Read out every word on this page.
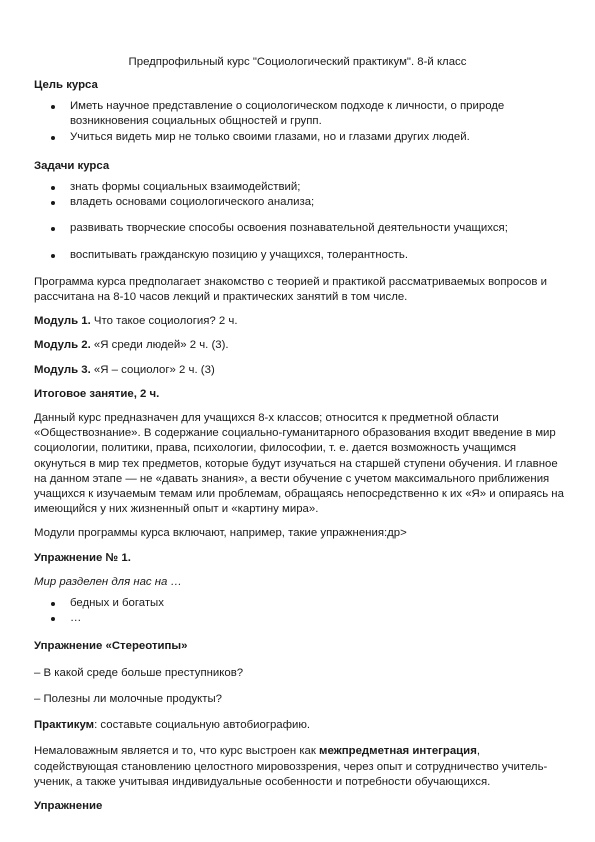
Предпрофильный курс "Социологический практикум". 8-й класс

Цель курса

Иметь научное представление о социологическом подходе к личности, о природе возникновения социальных общностей и групп.
Учиться видеть мир не только своими глазами, но и глазами других людей.

Задачи курса

знать формы социальных взаимодействий;
владеть основами социологического анализа;
развивать творческие способы освоения познавательной деятельности учащихся;
воспитывать гражданскую позицию у учащихся, толерантность.

Программа курса предполагает знакомство с теорией и практикой рассматриваемых вопросов и рассчитана на 8-10 часов лекций и практических занятий в том числе.

Модуль 1. Что такое социология? 2 ч.

Модуль 2. «Я среди людей» 2 ч. (3).

Модуль 3. «Я – социолог» 2 ч. (3)

Итоговое занятие, 2 ч.

Данный курс предназначен для учащихся 8-х классов; относится к предметной области «Обществознание». В содержание социально-гуманитарного образования входит введение в мир социологии, политики, права, психологии, философии, т. е. дается возможность учащимся окунуться в мир тех предметов, которые будут изучаться на старшей ступени обучения. И главное на данном этапе — не «давать знания», а вести обучение с учетом максимального приближения учащихся к изучаемым темам или проблемам, обращаясь непосредственно к их «Я» и опираясь на имеющийся у них жизненный опыт и «картину мира».

Модули программы курса включают, например, такие упражнения:др>

Упражнение № 1.

Мир разделен для нас на …

бедных и богатых
…

Упражнение «Стереотипы»

– В какой среде больше преступников?

– Полезны ли молочные продукты?

Практикум: составьте социальную автобиографию.

Немаловажным является и то, что курс выстроен как межпредметная интеграция, содействующая становлению целостного мировоззрения, через опыт и сотрудничество учитель-ученик, а также учитывая индивидуальные особенности и потребности обучающихся.

Упражнение
